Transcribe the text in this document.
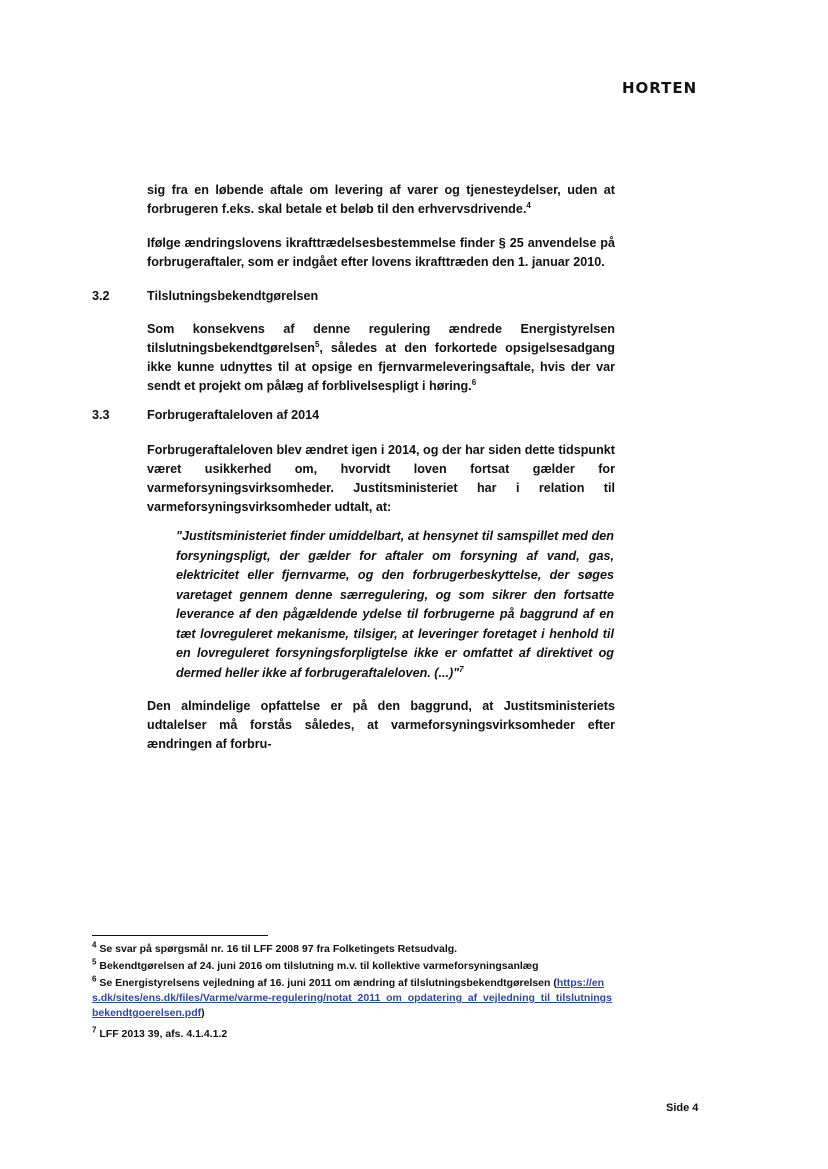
HORTEN

sig fra en løbende aftale om levering af varer og tjenesteydelser, uden at forbrugeren f.eks. skal betale et beløb til den erhvervsdrivende.$^4$

Ifølge ændringslovens ikrafttrædelsesbestemmelse finder § 25 anvendelse på forbrugeraftaler, som er indgået efter lovens ikrafttræden den 1. januar 2010.

3.2	Tilslutningsbekendtgørelsen

Som konsekvens af denne regulering ændrede Energistyrelsen tilslutningsbekendtgørelsen$^5$, således at den forkortede opsigelsesadgang ikke kunne udnyttes til at opsige en fjernvarmeleveringsaftale, hvis der var sendt et projekt om pålæg af forblivelsespligt i høring.$^6$

3.3	Forbrugeraftaleloven af 2014

Forbrugeraftaleloven blev ændret igen i 2014, og der har siden dette tidspunkt været usikkerhed om, hvorvidt loven fortsat gælder for varmeforsyningsvirksomheder. Justitsministeriet har i relation til varmeforsyningsvirksomheder udtalt, at:

"Justitsministeriet finder umiddelbart, at hensynet til samspillet med den forsyningspligt, der gælder for aftaler om forsyning af vand, gas, elektricitet eller fjernvarme, og den forbrugerbeskyttelse, der søges varetaget gennem denne særregulering, og som sikrer den fortsatte leverance af den pågældende ydelse til forbrugerne på baggrund af en tæt lovreguleret mekanisme, tilsiger, at leveringer foretaget i henhold til en lovreguleret forsyningsforpligtelse ikke er omfattet af direktivet og dermed heller ikke af forbrugeraftaleloven. (...)"$^7$

Den almindelige opfattelse er på den baggrund, at Justitsministeriets udtalelser må forstås således, at varmeforsyningsvirksomheder efter ændringen af forbru-

$^4$ Se svar på spørgsmål nr. 16 til LFF 2008 97 fra Folketingets Retsudvalg.

$^5$ Bekendtgørelsen af 24. juni 2016 om tilslutning m.v. til kollektive varmeforsyningsanlæg

$^6$ Se Energistyrelsens vejledning af 16. juni 2011 om ændring af tilslutningsbekendtgørelsen (https://ens.dk/sites/ens.dk/files/Varme/varme-regulering/notat_2011_om_opdatering_af_vejledning_til_tilslutningsbekendtgoerelsen.pdf)

$^7$ LFF 2013 39, afs. 4.1.4.1.2

Side 4
